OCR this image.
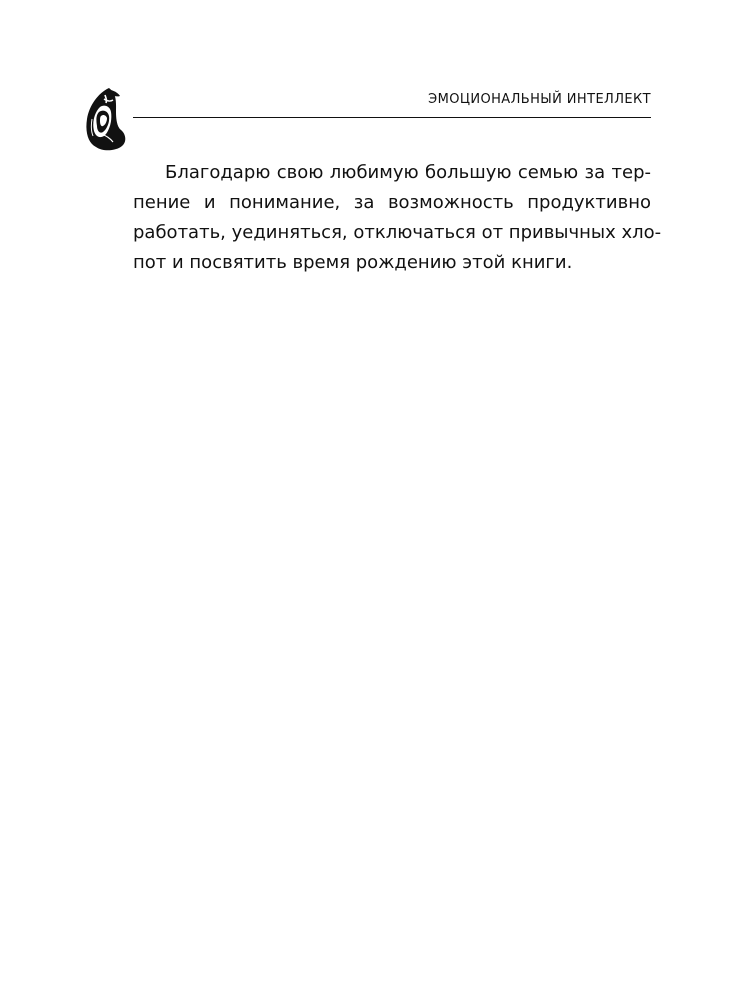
ЭМОЦИОНАЛЬНЫЙ ИНТЕЛЛЕКТ

Благодарю свою любимую большую семью за тер-
пение и понимание, за возможность продуктивно
работать, уединяться, отключаться от привычных хло-
пот и посвятить время рождению этой книги.
